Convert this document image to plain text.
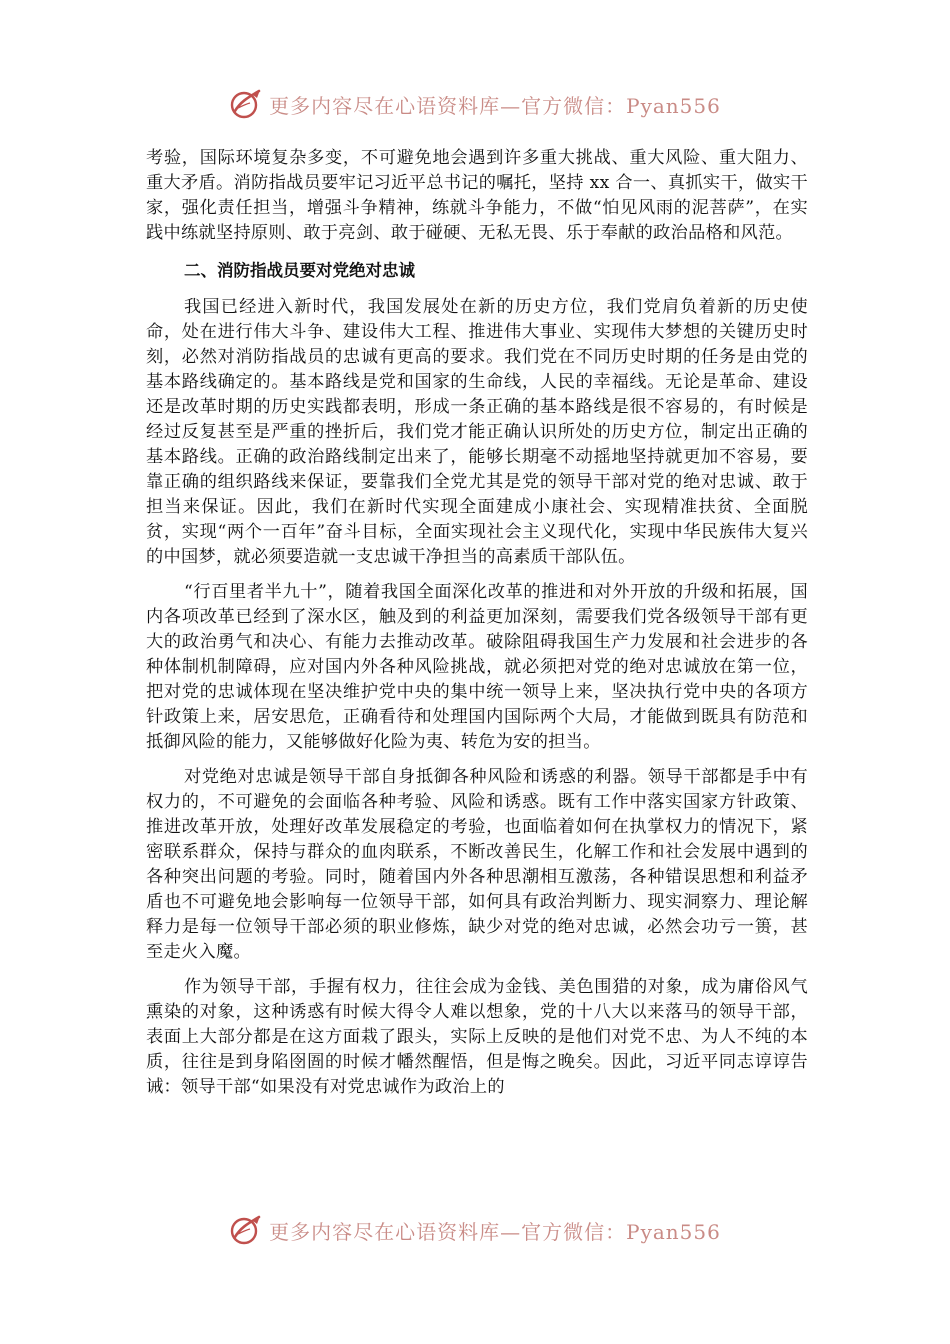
更多内容尽在心语资料库—官方微信：Pyan556

考验，国际环境复杂多变，不可避免地会遇到许多重大挑战、重大风险、重大阻力、重大矛盾。消防指战员要牢记习近平总书记的嘱托，坚持 xx 合一、真抓实干，做实干家，强化责任担当，增强斗争精神，练就斗争能力，不做“怕见风雨的泥菩萨”，在实践中练就坚持原则、敢于亮剑、敢于碰硬、无私无畏、乐于奉献的政治品格和风范。

二、消防指战员要对党绝对忠诚

我国已经进入新时代，我国发展处在新的历史方位，我们党肩负着新的历史使命，处在进行伟大斗争、建设伟大工程、推进伟大事业、实现伟大梦想的关键历史时刻，必然对消防指战员的忠诚有更高的要求。我们党在不同历史时期的任务是由党的基本路线确定的。基本路线是党和国家的生命线，人民的幸福线。无论是革命、建设还是改革时期的历史实践都表明，形成一条正确的基本路线是很不容易的，有时候是经过反复甚至是严重的挫折后，我们党才能正确认识所处的历史方位，制定出正确的基本路线。正确的政治路线制定出来了，能够长期毫不动摇地坚持就更加不容易，要靠正确的组织路线来保证，要靠我们全党尤其是党的领导干部对党的绝对忠诚、敢于担当来保证。因此，我们在新时代实现全面建成小康社会、实现精准扶贫、全面脱贫，实现“两个一百年”奋斗目标，全面实现社会主义现代化，实现中华民族伟大复兴的中国梦，就必须要造就一支忠诚干净担当的高素质干部队伍。

“行百里者半九十”，随着我国全面深化改革的推进和对外开放的升级和拓展，国内各项改革已经到了深水区，触及到的利益更加深刻，需要我们党各级领导干部有更大的政治勇气和决心、有能力去推动改革。破除阻碍我国生产力发展和社会进步的各种体制机制障碍，应对国内外各种风险挑战，就必须把对党的绝对忠诚放在第一位，把对党的忠诚体现在坚决维护党中央的集中统一领导上来，坚决执行党中央的各项方针政策上来，居安思危，正确看待和处理国内国际两个大局，才能做到既具有防范和抵御风险的能力，又能够做好化险为夷、转危为安的担当。

对党绝对忠诚是领导干部自身抵御各种风险和诱惑的利器。领导干部都是手中有权力的，不可避免的会面临各种考验、风险和诱惑。既有工作中落实国家方针政策、推进改革开放，处理好改革发展稳定的考验，也面临着如何在执掌权力的情况下，紧密联系群众，保持与群众的血肉联系，不断改善民生，化解工作和社会发展中遇到的各种突出问题的考验。同时，随着国内外各种思潮相互激荡，各种错误思想和利益矛盾也不可避免地会影响每一位领导干部，如何具有政治判断力、现实洞察力、理论解释力是每一位领导干部必须的职业修炼，缺少对党的绝对忠诚，必然会功亏一篑，甚至走火入魔。

作为领导干部，手握有权力，往往会成为金钱、美色围猎的对象，成为庸俗风气熏染的对象，这种诱惑有时候大得令人难以想象，党的十八大以来落马的领导干部，表面上大部分都是在这方面栽了跟头，实际上反映的是他们对党不忠、为人不纯的本质，往往是到身陷囹圄的时候才幡然醒悟，但是悔之晚矣。因此，习近平同志谆谆告诫：领导干部“如果没有对党忠诚作为政治上的

更多内容尽在心语资料库—官方微信：Pyan556
